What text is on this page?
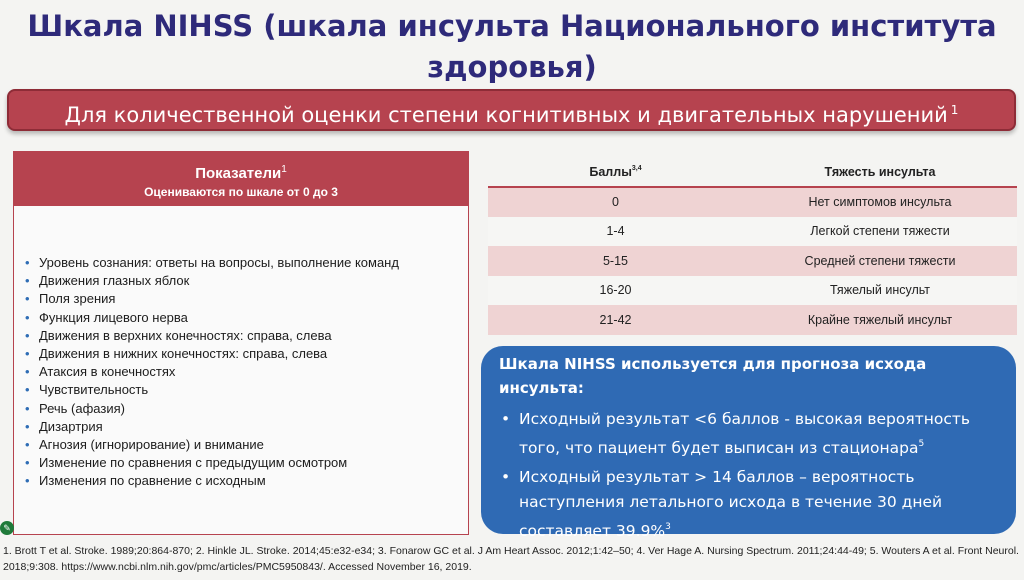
Шкала NIHSS (шкала инсульта Национального института здоровья)
Для количественной оценки степени когнитивных и двигательных нарушений $^1$
Показатели$^1$
Оцениваются по шкале от 0 до 3
• Уровень сознания: ответы на вопросы, выполнение команд
• Движения глазных яблок
• Поля зрения
• Функция лицевого нерва
• Движения в верхних конечностях: справа, слева
• Движения в нижних конечностях: справа, слева
• Атаксия в конечностях
• Чувствительность
• Речь (афазия)
• Дизартрия
• Агнозия (игнорирование) и внимание
• Изменение по сравнения с предыдущим осмотром
• Изменения по сравнение с исходным
Баллы$^{3,4}$	Тяжесть инсульта
0	Нет симптомов инсульта
1-4	Легкой степени тяжести
5-15	Средней степени тяжести
16-20	Тяжелый инсульт
21-42	Крайне тяжелый инсульт
Шкала NIHSS используется для прогноза исхода инсульта:
• Исходный результат <6 баллов - высокая вероятность того, что пациент будет выписан из стационара$^5$
• Исходный результат > 14 баллов – вероятность наступления летального исхода в течение 30 дней составляет 39.9%$^3$
✎
1. Brott T et al. Stroke. 1989;20:864-870; 2. Hinkle JL. Stroke. 2014;45:e32-e34; 3. Fonarow GC et al. J Am Heart Assoc. 2012;1:42–50; 4. Ver Hage A. Nursing Spectrum. 2011;24:44-49; 5. Wouters A et al. Front Neurol. 2018;9:308. https://www.ncbi.nlm.nih.gov/pmc/articles/PMC5950843/. Accessed November 16, 2019.
